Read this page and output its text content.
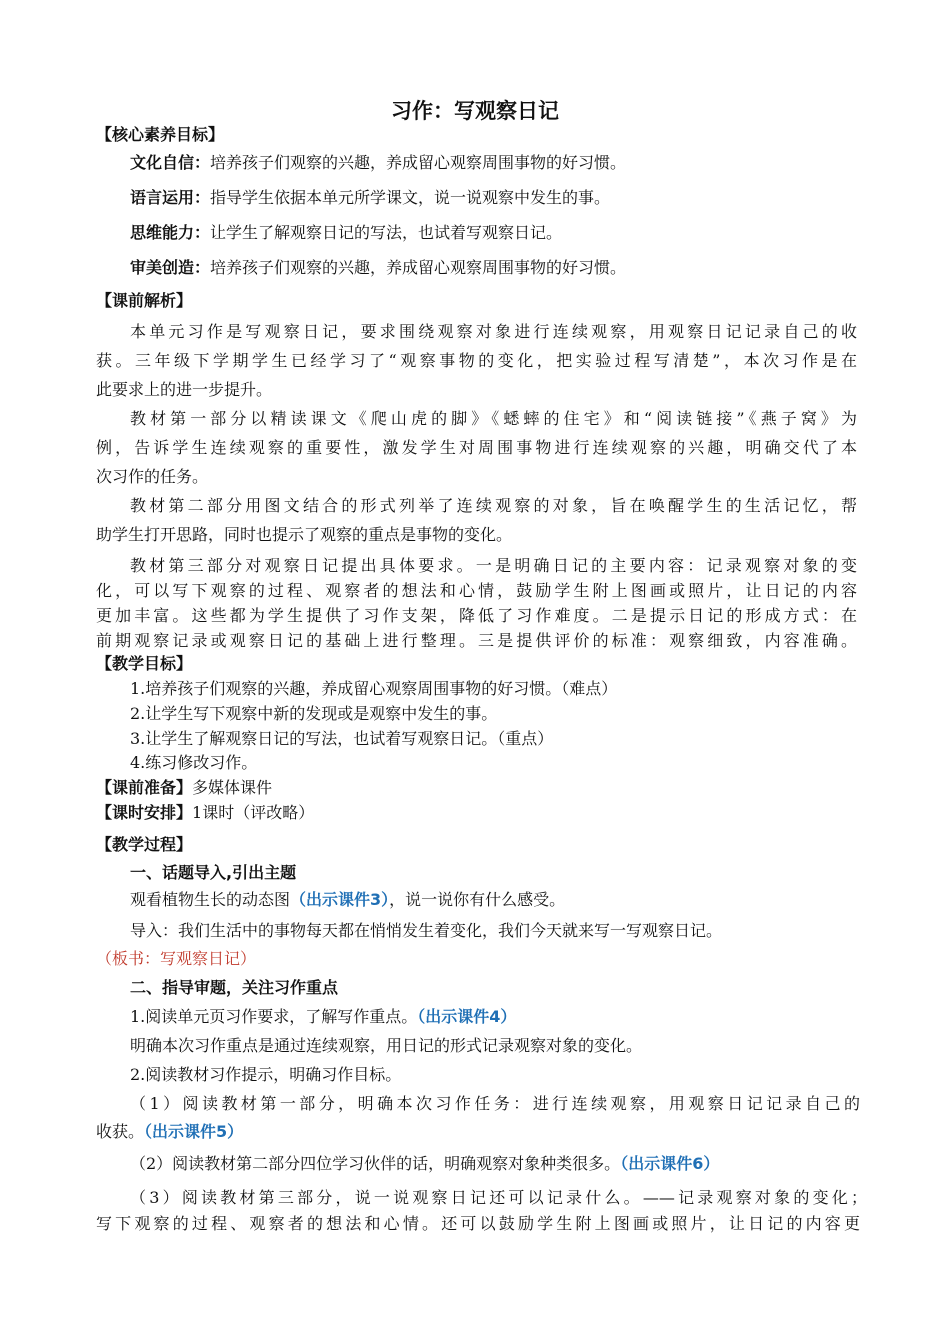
习作：写观察日记
【核心素养目标】
文化自信：培养孩子们观察的兴趣，养成留心观察周围事物的好习惯。
语言运用：指导学生依据本单元所学课文，说一说观察中发生的事。
思维能力：让学生了解观察日记的写法，也试着写观察日记。
审美创造：培养孩子们观察的兴趣，养成留心观察周围事物的好习惯。
【课前解析】
本单元习作是写观察日记，要求围绕观察对象进行连续观察，用观察日记记录自己的收
获。三年级下学期学生已经学习了“观察事物的变化，把实验过程写清楚”，本次习作是在
此要求上的进一步提升。
教材第一部分以精读课文《爬山虎的脚》《蟋蟀的住宅》和“阅读链接”《燕子窝》为
例，告诉学生连续观察的重要性，激发学生对周围事物进行连续观察的兴趣，明确交代了本
次习作的任务。
教材第二部分用图文结合的形式列举了连续观察的对象，旨在唤醒学生的生活记忆，帮
助学生打开思路，同时也提示了观察的重点是事物的变化。
教材第三部分对观察日记提出具体要求。一是明确日记的主要内容：记录观察对象的变
化，可以写下观察的过程、观察者的想法和心情，鼓励学生附上图画或照片，让日记的内容
更加丰富。这些都为学生提供了习作支架，降低了习作难度。二是提示日记的形成方式：在
前期观察记录或观察日记的基础上进行整理。三是提供评价的标准：观察细致，内容准确。
【教学目标】
1.培养孩子们观察的兴趣，养成留心观察周围事物的好习惯。（难点）
2.让学生写下观察中新的发现或是观察中发生的事。
3.让学生了解观察日记的写法，也试着写观察日记。（重点）
4.练习修改习作。
【课前准备】多媒体课件
【课时安排】1课时（评改略）
【教学过程】
一、话题导入,引出主题
观看植物生长的动态图（出示课件3），说一说你有什么感受。
导入：我们生活中的事物每天都在悄悄发生着变化，我们今天就来写一写观察日记。
（板书：写观察日记）
二、指导审题，关注习作重点
1.阅读单元页习作要求，了解写作重点。（出示课件4）
明确本次习作重点是通过连续观察，用日记的形式记录观察对象的变化。
2.阅读教材习作提示，明确习作目标。
（1）阅读教材第一部分，明确本次习作任务：进行连续观察，用观察日记记录自己的
收获。（出示课件5）
（2）阅读教材第二部分四位学习伙伴的话，明确观察对象种类很多。（出示课件6）
（3）阅读教材第三部分，说一说观察日记还可以记录什么。——记录观察对象的变化；
写下观察的过程、观察者的想法和心情。还可以鼓励学生附上图画或照片，让日记的内容更
